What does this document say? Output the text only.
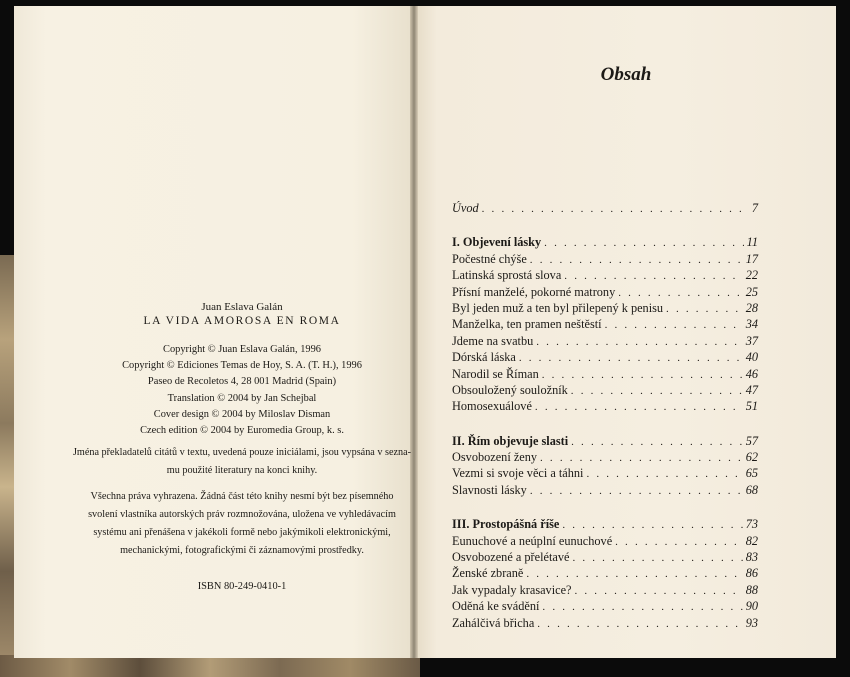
Juan Eslava Galán
LA VIDA AMOROSA EN ROMA
Copyright © Juan Eslava Galán, 1996
Copyright © Ediciones Temas de Hoy, S. A. (T. H.), 1996
Paseo de Recoletos 4, 28 001 Madrid (Spain)
Translation © 2004 by Jan Schejbal
Cover design © 2004 by Miloslav Disman
Czech edition © 2004 by Euromedia Group, k. s.
Jména překladatelů citátů v textu, uvedená pouze iniciálami, jsou vypsána v sezna-
mu použité literatury na konci knihy.
Všechna práva vyhrazena. Žádná část této knihy nesmí být bez písemného
svolení vlastníka autorských práv rozmnožována, uložena ve vyhledávacím
systému ani přenášena v jakékoli formě nebo jakýmikoli elektronickými,
mechanickými, fotografickými či záznamovými prostředky.
ISBN 80-249-0410-1
Obsah
Úvod . . .	7
I. Objevení lásky . . .	11
Počestné chýše . . .	17
Latinská sprostá slova . . .	22
Přísní manželé, pokorné matrony . . .	25
Byl jeden muž a ten byl přilepený k penisu . . .	28
Manželka, ten pramen neštěstí . . .	34
Jdeme na svatbu . . .	37
Dórská láska . . .	40
Narodil se Říman . . .	46
Obsouložený souložník . . .	47
Homosexuálové . . .	51
II. Řím objevuje slasti . . .	57
Osvobození ženy . . .	62
Vezmi si svoje věci a táhni . . .	65
Slavnosti lásky . . .	68
III. Prostopášná říše . . .	73
Eunuchové a neúplní eunuchové . . .	82
Osvobozené a přelétavé . . .	83
Ženské zbraně . . .	86
Jak vypadaly krasavice? . . .	88
Oděná ke svádění . . .	90
Zahálčivá břicha . . .	93
